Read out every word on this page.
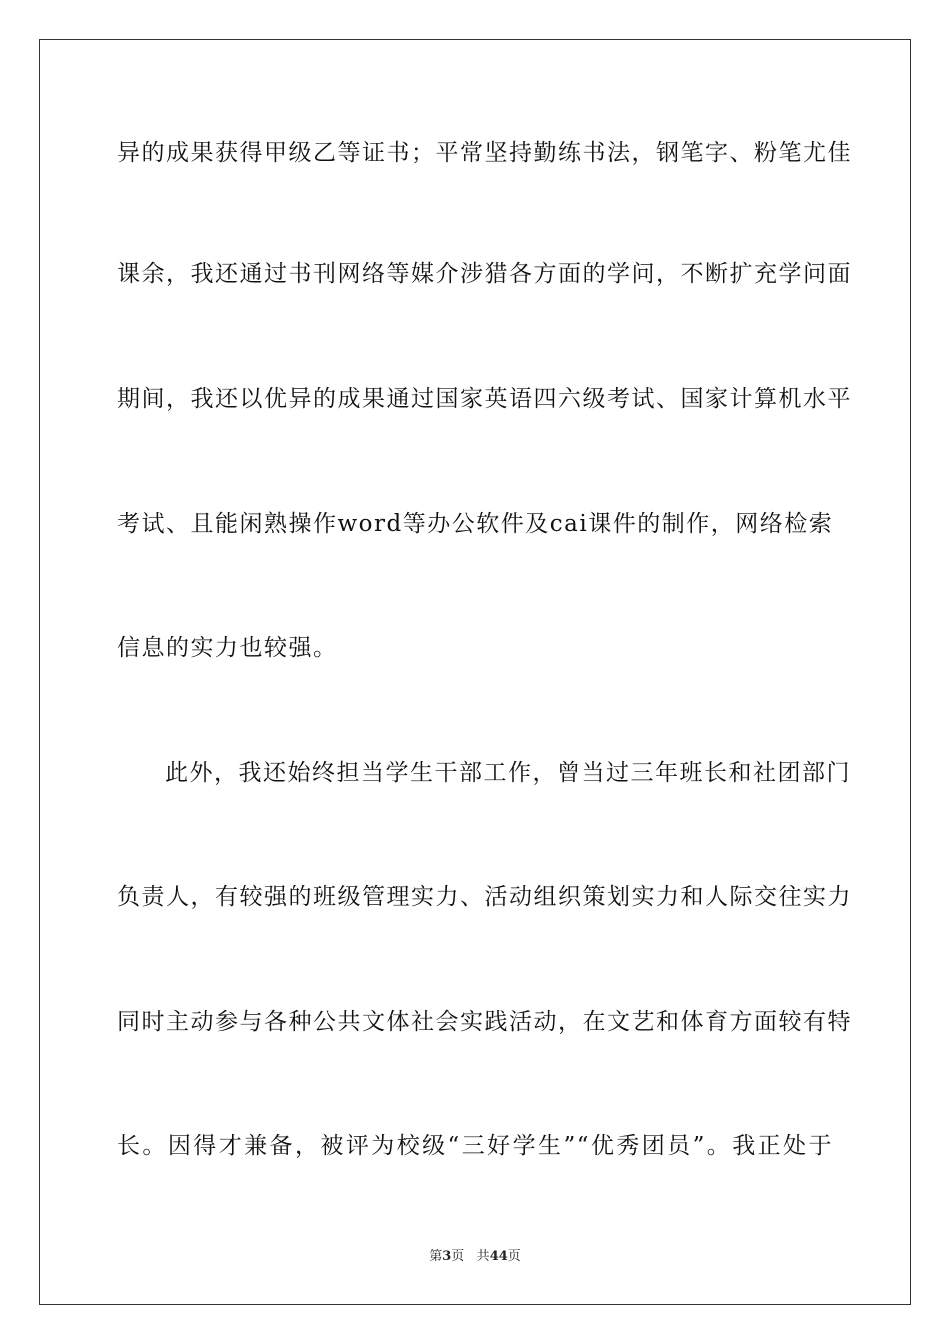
异的成果获得甲级乙等证书；平常坚持勤练书法，钢笔字、粉笔尤佳
课余，我还通过书刊网络等媒介涉猎各方面的学问，不断扩充学问面
期间，我还以优异的成果通过国家英语四六级考试、国家计算机水平
考试、且能闲熟操作word等办公软件及cai课件的制作，网络检索
信息的实力也较强。
此外，我还始终担当学生干部工作，曾当过三年班长和社团部门
负责人，有较强的班级管理实力、活动组织策划实力和人际交往实力
同时主动参与各种公共文体社会实践活动，在文艺和体育方面较有特
长。因得才兼备，被评为校级“三好学生”“优秀团员”。我正处于
第3页 共44页
